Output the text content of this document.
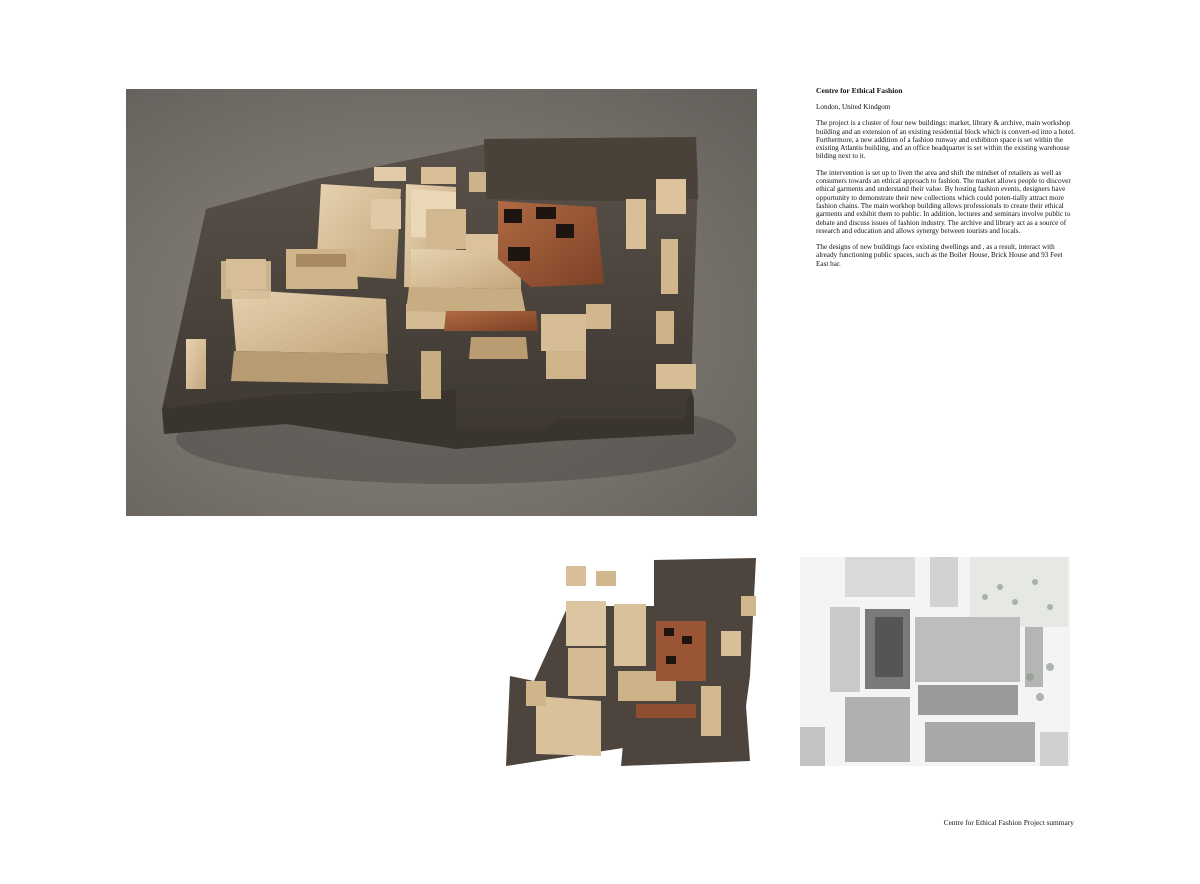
Centre for Ethical Fashion
London, United Kindgom

The project is a cluster of four new buildings: market, library & archive, main workshop building and an extension of an existing residential block which is convert-ed into a hotel. Furthermore, a new addition of a fashion runway and exhibiton space is set within the existing Atlantis building, and an office headquarter is set within the existing warehouse bilding next to it.

The intervention is set up to liven the area and shift the mindset of retailers as well as consumers towards an ethical approach to fashion. The market allows people to discover ethical garments and understand their value. By hosting fashion events, designers have opportunity to demonstrate their new collections which could poten-tially attract more fashion chains. The main workhop building allows professionals to create their ethical garments and exhibit them to public. In addition, lectures and seminars involve public to debate and discuss issues of fashion industry. The archive and library act as a source of research and education and allows synergy between tourists and locals.

The designs of new buildings face existing dwellings and , as a result, interact with already functioning public spaces, such as the Boiler House, Brick House and 93 Feet East bar.

Centre for Ethical Fashion Project summary
